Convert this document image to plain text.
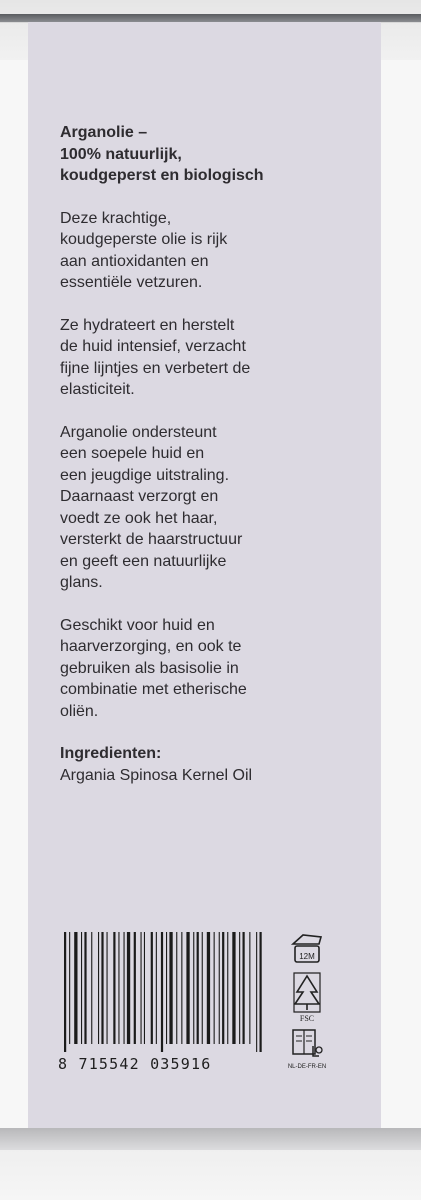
Arganolie –
100% natuurlijk,
koudgeperst en biologisch

Deze krachtige,
koudgeperste olie is rijk
aan antioxidanten en
essentiële vetzuren.

Ze hydrateert en herstelt
de huid intensief, verzacht
fijne lijntjes en verbetert de
elasticiteit.

Arganolie ondersteunt
een soepele huid en
een jeugdige uitstraling.
Daarnaast verzorgt en
voedt ze ook het haar,
versterkt de haarstructuur
en geeft een natuurlijke
glans.

Geschikt voor huid en
haarverzorging, en ook te
gebruiken als basisolie in
combinatie met etherische
oliën.

Ingredienten:

Argania Spinosa Kernel Oil

8 715542 035916
12M
FSC
NL-DE-FR-EN
